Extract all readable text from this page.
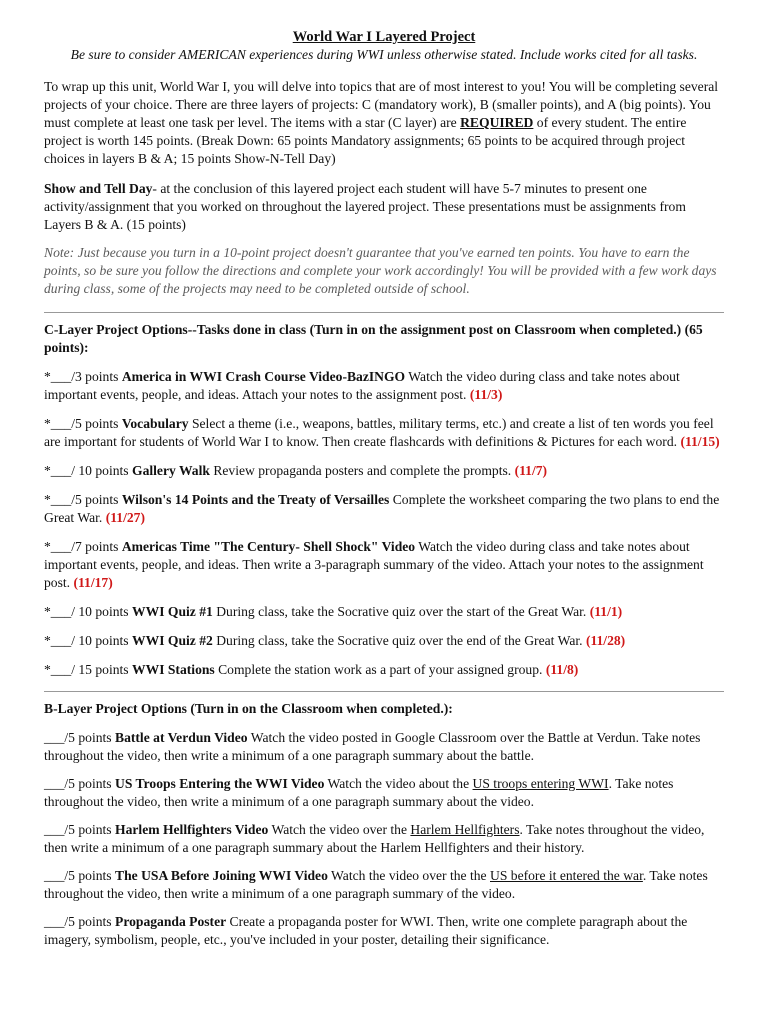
World War I Layered Project

Be sure to consider AMERICAN experiences during WWI unless otherwise stated. Include works cited for all tasks.

To wrap up this unit, World War I, you will delve into topics that are of most interest to you! You will be completing several projects of your choice. There are three layers of projects: C (mandatory work), B (smaller points), and A (big points). You must complete at least one task per level. The items with a star (C layer) are REQUIRED of every student. The entire project is worth 145 points. (Break Down: 65 points Mandatory assignments; 65 points to be acquired through project choices in layers B & A; 15 points Show-N-Tell Day)

Show and Tell Day- at the conclusion of this layered project each student will have 5-7 minutes to present one activity/assignment that you worked on throughout the layered project. These presentations must be assignments from Layers B & A. (15 points)

Note: Just because you turn in a 10-point project doesn't guarantee that you've earned ten points. You have to earn the points, so be sure you follow the directions and complete your work accordingly! You will be provided with a few work days during class, some of the projects may need to be completed outside of school.

C-Layer Project Options--Tasks done in class (Turn in on the assignment post on Classroom when completed.) (65 points):

*___/3 points America in WWI Crash Course Video-BazINGO Watch the video during class and take notes about important events, people, and ideas. Attach your notes to the assignment post. (11/3)

*___/5 points Vocabulary Select a theme (i.e., weapons, battles, military terms, etc.) and create a list of ten words you feel are important for students of World War I to know. Then create flashcards with definitions & Pictures for each word. (11/15)

*___/ 10 points Gallery Walk Review propaganda posters and complete the prompts. (11/7)

*___/5 points Wilson's 14 Points and the Treaty of Versailles Complete the worksheet comparing the two plans to end the Great War. (11/27)

*___/7 points Americas Time "The Century- Shell Shock" Video Watch the video during class and take notes about important events, people, and ideas. Then write a 3-paragraph summary of the video. Attach your notes to the assignment post. (11/17)

*___/ 10 points WWI Quiz #1 During class, take the Socrative quiz over the start of the Great War. (11/1)

*___/ 10 points WWI Quiz #2 During class, take the Socrative quiz over the end of the Great War. (11/28)

*___/ 15 points WWI Stations Complete the station work as a part of your assigned group. (11/8)

B-Layer Project Options (Turn in on the Classroom when completed.):

___/5 points Battle at Verdun Video Watch the video posted in Google Classroom over the Battle at Verdun. Take notes throughout the video, then write a minimum of a one paragraph summary about the battle.

___/5 points US Troops Entering the WWI Video Watch the video about the US troops entering WWI. Take notes throughout the video, then write a minimum of a one paragraph summary about the video.

___/5 points Harlem Hellfighters Video Watch the video over the Harlem Hellfighters. Take notes throughout the video, then write a minimum of a one paragraph summary about the Harlem Hellfighters and their history.

___/5 points The USA Before Joining WWI Video Watch the video over the the US before it entered the war. Take notes throughout the video, then write a minimum of a one paragraph summary of the video.

___/5 points Propaganda Poster Create a propaganda poster for WWI. Then, write one complete paragraph about the imagery, symbolism, people, etc., you've included in your poster, detailing their significance.
